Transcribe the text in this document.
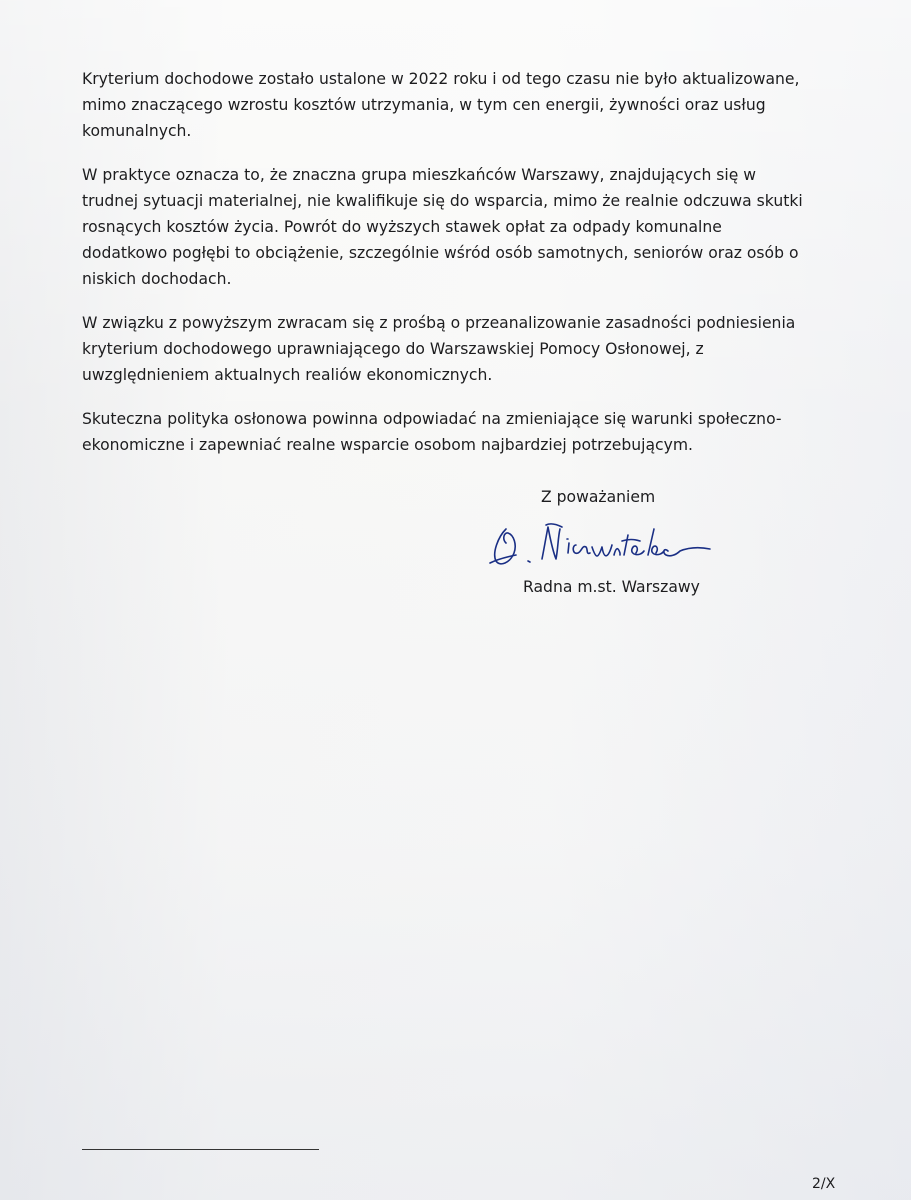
Kryterium dochodowe zostało ustalone w 2022 roku i od tego czasu nie było aktualizowane, mimo znaczącego wzrostu kosztów utrzymania, w tym cen energii, żywności oraz usług komunalnych.

W praktyce oznacza to, że znaczna grupa mieszkańców Warszawy, znajdujących się w trudnej sytuacji materialnej, nie kwalifikuje się do wsparcia, mimo że realnie odczuwa skutki rosnących kosztów życia. Powrót do wyższych stawek opłat za odpady komunalne dodatkowo pogłębi to obciążenie, szczególnie wśród osób samotnych, seniorów oraz osób o niskich dochodach.

W związku z powyższym zwracam się z prośbą o przeanalizowanie zasadności podniesienia kryterium dochodowego uprawniającego do Warszawskiej Pomocy Osłonowej, z uwzględnieniem aktualnych realiów ekonomicznych.

Skuteczna polityka osłonowa powinna odpowiadać na zmieniające się warunki społeczno-ekonomiczne i zapewniać realne wsparcie osobom najbardziej potrzebującym.

Z poważaniem
Radna m.st. Warszawy
2/X
